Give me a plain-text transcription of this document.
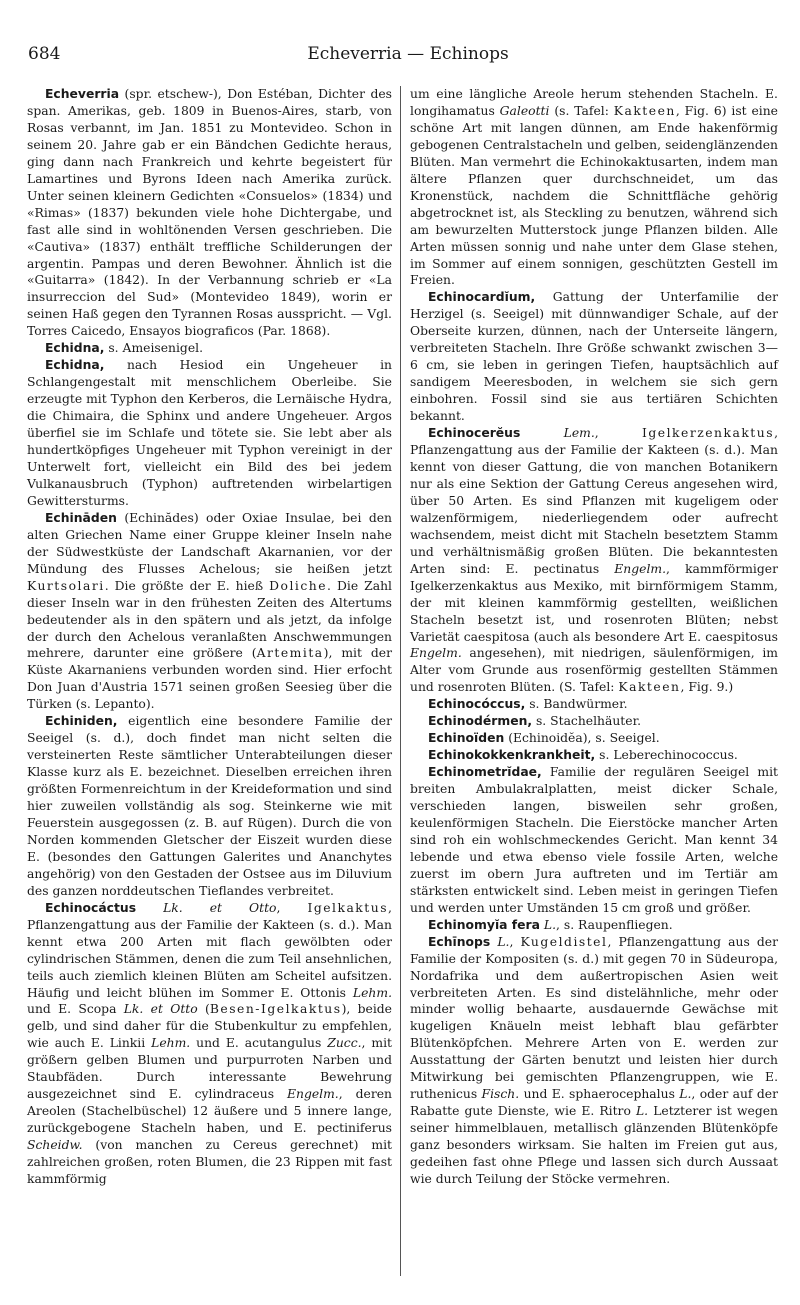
684	Echeverria — Echinops

Echeverria (spr. etschew-), Don Estéban, Dichter des span. Amerikas, geb. 1809 in Buenos-Aires, starb, von Rosas verbannt, im Jan. 1851 zu Montevideo. Schon in seinem 20. Jahre gab er ein Bändchen Gedichte heraus, ging dann nach Frankreich und kehrte begeistert für Lamartines und Byrons Ideen nach Amerika zurück. Unter seinen kleinern Gedichten «Consuelos» (1834) und «Rimas» (1837) bekunden viele hohe Dichtergabe, und fast alle sind in wohltönenden Versen geschrieben. Die «Cautiva» (1837) enthält treffliche Schilderungen der argentin. Pampas und deren Bewohner. Ähnlich ist die «Guitarra» (1842). In der Verbannung schrieb er «La insurreccion del Sud» (Montevideo 1849), worin er seinen Haß gegen den Tyrannen Rosas ausspricht. — Vgl. Torres Caicedo, Ensayos biograficos (Par. 1868).

Echidna, s. Ameisenigel.

Echidna, nach Hesiod ein Ungeheuer in Schlangengestalt mit menschlichem Oberleibe. Sie erzeugte mit Typhon den Kerberos, die Lernäische Hydra, die Chimaira, die Sphinx und andere Ungeheuer. Argos überfiel sie im Schlafe und tötete sie. Sie lebt aber als hundertköpfiges Ungeheuer mit Typhon vereinigt in der Unterwelt fort, vielleicht ein Bild des bei jedem Vulkanausbruch (Typhon) auftretenden wirbelartigen Gewittersturms.

Echināden (Echinădes) oder Oxiae Insulae, bei den alten Griechen Name einer Gruppe kleiner Inseln nahe der Südwestküste der Landschaft Akarnanien, vor der Mündung des Flusses Achelous; sie heißen jetzt Kurtsolari. Die größte der E. hieß Doliche. Die Zahl dieser Inseln war in den frühesten Zeiten des Altertums bedeutender als in den spätern und als jetzt, da infolge der durch den Achelous veranlaßten Anschwemmungen mehrere, darunter eine größere (Artemita), mit der Küste Akarnaniens verbunden worden sind. Hier erfocht Don Juan d'Austria 1571 seinen großen Seesieg über die Türken (s. Lepanto).

Echiniden, eigentlich eine besondere Familie der Seeigel (s. d.), doch findet man nicht selten die versteinerten Reste sämtlicher Unterabteilungen dieser Klasse kurz als E. bezeichnet. Dieselben erreichen ihren größten Formenreichtum in der Kreideformation und sind hier zuweilen vollständig als sog. Steinkerne wie mit Feuerstein ausgegossen (z. B. auf Rügen). Durch die von Norden kommenden Gletscher der Eiszeit wurden diese E. (besondes den Gattungen Galerites und Ananchytes angehörig) von den Gestaden der Ostsee aus im Diluvium des ganzen norddeutschen Tieflandes verbreitet.

Echinocáctus Lk. et Otto, Igelkaktus, Pflanzengattung aus der Familie der Kakteen (s. d.). Man kennt etwa 200 Arten mit flach gewölbten oder cylindrischen Stämmen, denen die zum Teil ansehnlichen, teils auch ziemlich kleinen Blüten am Scheitel aufsitzen. Häufig und leicht blühen im Sommer E. Ottonis Lehm. und E. Scopa Lk. et Otto (Besen-Igelkaktus), beide gelb, und sind daher für die Stubenkultur zu empfehlen, wie auch E. Linkii Lehm. und E. acutangulus Zucc., mit größern gelben Blumen und purpurroten Narben und Staubfäden. Durch interessante Bewehrung ausgezeichnet sind E. cylindraceus Engelm., deren Areolen (Stachelbüschel) 12 äußere und 5 innere lange, zurückgebogene Stacheln haben, und E. pectiniferus Scheidw. (von manchen zu Cereus gerechnet) mit zahlreichen großen, roten Blumen, die 23 Rippen mit fast kammförmig

um eine längliche Areole herum stehenden Stacheln. E. longihamatus Galeotti (s. Tafel: Kakteen, Fig. 6) ist eine schöne Art mit langen dünnen, am Ende hakenförmig gebogenen Centralstacheln und gelben, seidenglänzenden Blüten. Man vermehrt die Echinokaktusarten, indem man ältere Pflanzen quer durchschneidet, um das Kronenstück, nachdem die Schnittfläche gehörig abgetrocknet ist, als Steckling zu benutzen, während sich am bewurzelten Mutterstock junge Pflanzen bilden. Alle Arten müssen sonnig und nahe unter dem Glase stehen, im Sommer auf einem sonnigen, geschützten Gestell im Freien.

Echinocardĭum, Gattung der Unterfamilie der Herzigel (s. Seeigel) mit dünnwandiger Schale, auf der Oberseite kurzen, dünnen, nach der Unterseite längern, verbreiteten Stacheln. Ihre Größe schwankt zwischen 3—6 cm, sie leben in geringen Tiefen, hauptsächlich auf sandigem Meeresboden, in welchem sie sich gern einbohren. Fossil sind sie aus tertiären Schichten bekannt.

Echinocerĕus	Lem., Igelkerzenkaktus, Pflanzengattung aus der Familie der Kakteen (s. d.). Man kennt von dieser Gattung, die von manchen Botanikern nur als eine Sektion der Gattung Cereus angesehen wird, über 50 Arten. Es sind Pflanzen mit kugeligem oder walzenförmigem, niederliegendem oder aufrecht wachsendem, meist dicht mit Stacheln besetztem Stamm und verhältnismäßig großen Blüten. Die bekanntesten Arten sind: E. pectinatus Engelm., kammförmiger Igelkerzenkaktus aus Mexiko, mit birnförmigem Stamm, der mit kleinen kammförmig gestellten, weißlichen Stacheln besetzt ist, und rosenroten Blüten; nebst Varietät caespitosa (auch als besondere Art E. caespitosus Engelm. angesehen), mit niedrigen, säulenförmigen, im Alter vom Grunde aus rosenförmig gestellten Stämmen und rosenroten Blüten. (S. Tafel: Kakteen, Fig. 9.)

Echinocóccus, s. Bandwürmer.

Echinodérmen, s. Stachelhäuter.

Echinoïden (Echinoidĕa), s. Seeigel.

Echinokokkenkrankheit, s. Leberechinococcus.

Echinometrĭdae, Familie der regulären Seeigel mit breiten Ambulakralplatten, meist dicker Schale, verschieden langen, bisweilen sehr großen, keulenförmigen Stacheln. Die Eierstöcke mancher Arten sind roh ein wohlschmeckendes Gericht. Man kennt 34 lebende und etwa ebenso viele fossile Arten, welche zuerst im obern Jura auftreten und im Tertiär am stärksten entwickelt sind. Leben meist in geringen Tiefen und werden unter Umständen 15 cm groß und größer.

Echinomyĭa fera L., s. Raupenfliegen.

Echīnops L., Kugeldistel, Pflanzengattung aus der Familie der Kompositen (s. d.) mit gegen 70 in Südeuropa, Nordafrika und dem außertropischen Asien weit verbreiteten Arten. Es sind distelähnliche, mehr oder minder wollig behaarte, ausdauernde Gewächse mit kugeligen Knäueln meist lebhaft blau gefärbter Blütenköpfchen. Mehrere Arten von E. werden zur Ausstattung der Gärten benutzt und leisten hier durch Mitwirkung bei gemischten Pflanzengruppen, wie E. ruthenicus Fisch. und E. sphaerocephalus L., oder auf der Rabatte gute Dienste, wie E. Ritro L. Letzterer ist wegen seiner himmelblauen, metallisch glänzenden Blütenköpfe ganz besonders wirksam. Sie halten im Freien gut aus, gedeihen fast ohne Pflege und lassen sich durch Aussaat wie durch Teilung der Stöcke vermehren.
